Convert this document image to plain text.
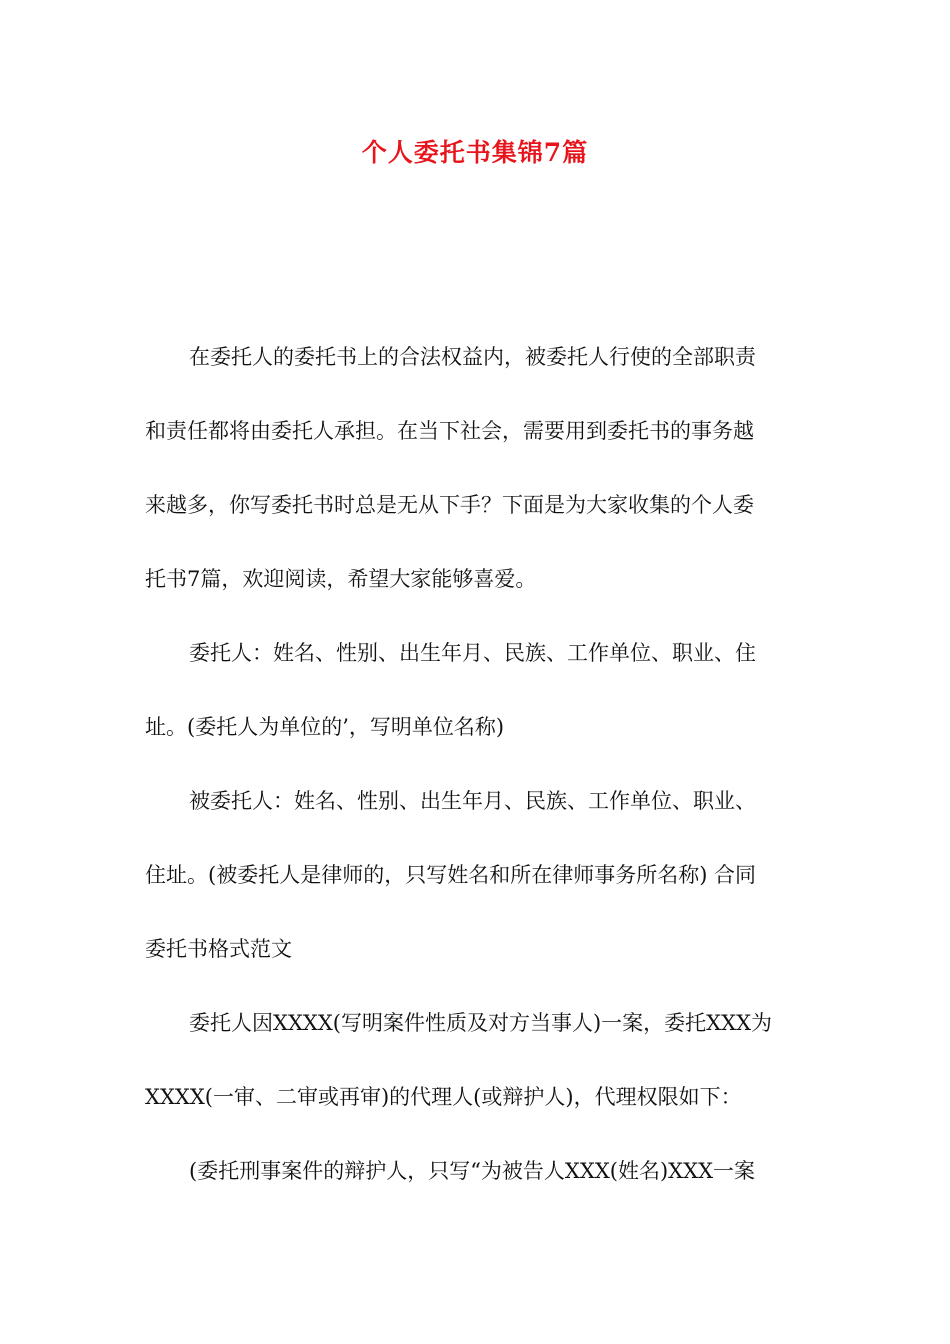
个人委托书集锦7篇

在委托人的委托书上的合法权益内，被委托人行使的全部职责
和责任都将由委托人承担。在当下社会，需要用到委托书的事务越
来越多，你写委托书时总是无从下手？下面是为大家收集的个人委
托书7篇，欢迎阅读，希望大家能够喜爱。

委托人：姓名、性别、出生年月、民族、工作单位、职业、住
址。(委托人为单位的’，写明单位名称)

被委托人：姓名、性别、出生年月、民族、工作单位、职业、
住址。(被委托人是律师的，只写姓名和所在律师事务所名称) 合同
委托书格式范文

委托人因XXXX(写明案件性质及对方当事人)一案，委托XXX为
XXXX(一审、二审或再审)的代理人(或辩护人)，代理权限如下：

(委托刑事案件的辩护人，只写“为被告人XXX(姓名)XXX一案
